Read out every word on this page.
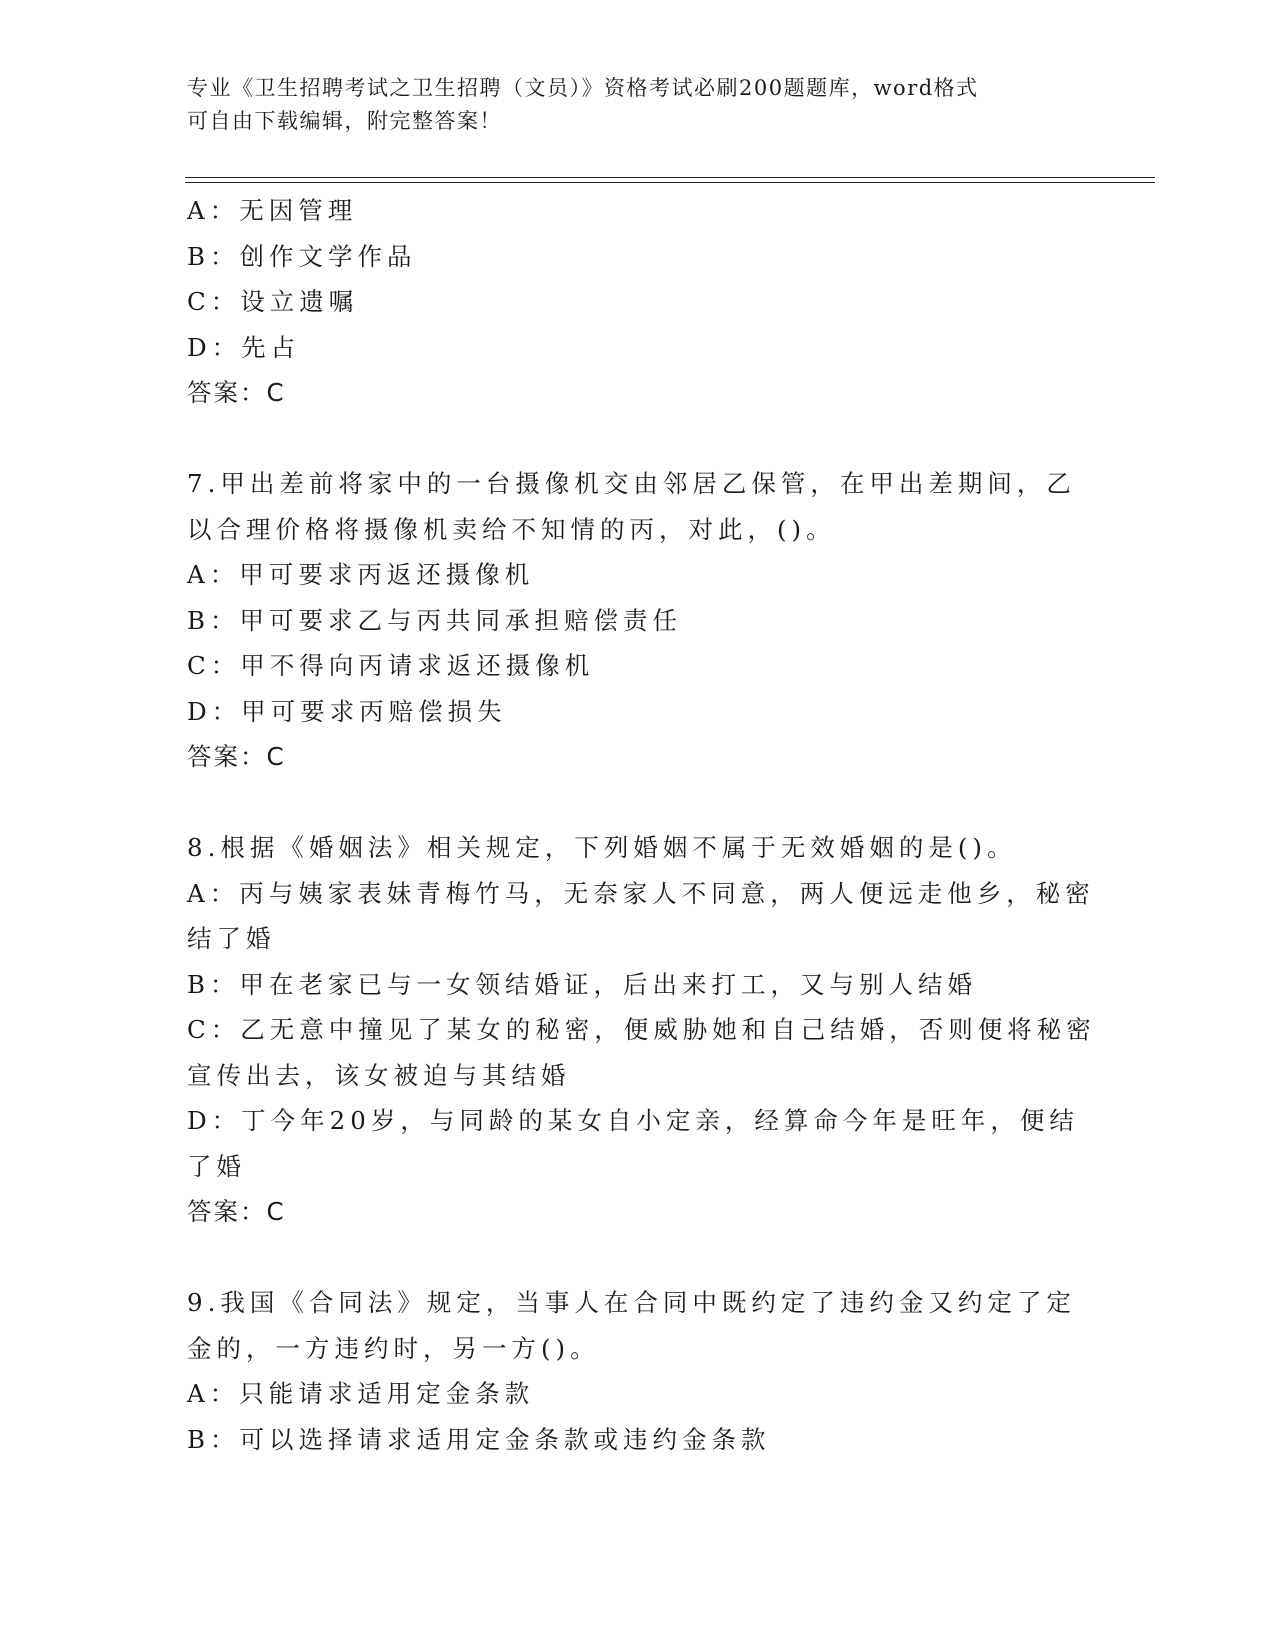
专业《卫生招聘考试之卫生招聘（文员）》资格考试必刷200题题库，word格式
可自由下载编辑，附完整答案！
A：无因管理
B：创作文学作品
C：设立遗嘱
D：先占
答案：C
7.甲出差前将家中的一台摄像机交由邻居乙保管，在甲出差期间，乙
以合理价格将摄像机卖给不知情的丙，对此，()。
A：甲可要求丙返还摄像机
B：甲可要求乙与丙共同承担赔偿责任
C：甲不得向丙请求返还摄像机
D：甲可要求丙赔偿损失
答案：C
8.根据《婚姻法》相关规定，下列婚姻不属于无效婚姻的是()。
A：丙与姨家表妹青梅竹马，无奈家人不同意，两人便远走他乡，秘密
结了婚
B：甲在老家已与一女领结婚证，后出来打工，又与别人结婚
C：乙无意中撞见了某女的秘密，便威胁她和自己结婚，否则便将秘密
宣传出去，该女被迫与其结婚
D：丁今年20岁，与同龄的某女自小定亲，经算命今年是旺年，便结
了婚
答案：C
9.我国《合同法》规定，当事人在合同中既约定了违约金又约定了定
金的，一方违约时，另一方()。
A：只能请求适用定金条款
B：可以选择请求适用定金条款或违约金条款
